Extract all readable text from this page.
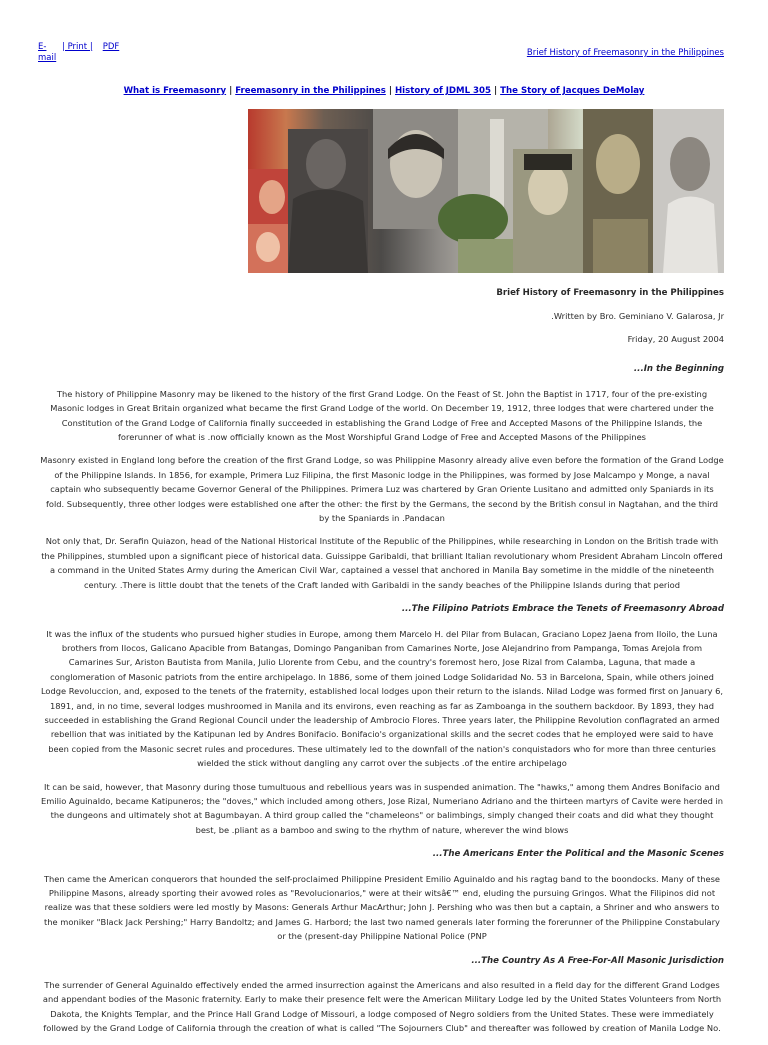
E-mail| Print | PDF
Brief History of Freemasonry in the Philippines
What is Freemasonry | Freemasonry in the Philippines | History of JDML 305 | The Story of Jacques DeMolay

Brief History of Freemasonry in the Philippines

.Written by Bro. Geminiano V. Galarosa, Jr

Friday, 20 August 2004

...In the Beginning

The history of Philippine Masonry may be likened to the history of the first Grand Lodge. On the Feast of St. John the Baptist in 1717, four of the pre-existing Masonic lodges in Great Britain organized what became the first Grand Lodge of the world. On December 19, 1912, three lodges that were chartered under the Constitution of the Grand Lodge of California finally succeeded in establishing the Grand Lodge of Free and Accepted Masons of the Philippine Islands, the forerunner of what is .now officially known as the Most Worshipful Grand Lodge of Free and Accepted Masons of the Philippines

Masonry existed in England long before the creation of the first Grand Lodge, so was Philippine Masonry already alive even before the formation of the Grand Lodge of the Philippine Islands. In 1856, for example, Primera Luz Filipina, the first Masonic lodge in the Philippines, was formed by Jose Malcampo y Monge, a naval captain who subsequently became Governor General of the Philippines. Primera Luz was chartered by Gran Oriente Lusitano and admitted only Spaniards in its fold. Subsequently, three other lodges were established one after the other: the first by the Germans, the second by the British consul in Nagtahan, and the third by the Spaniards in .Pandacan

Not only that, Dr. Serafin Quiazon, head of the National Historical Institute of the Republic of the Philippines, while researching in London on the British trade with the Philippines, stumbled upon a significant piece of historical data. Guissippe Garibaldi, that brilliant Italian revolutionary whom President Abraham Lincoln offered a command in the United States Army during the American Civil War, captained a vessel that anchored in Manila Bay sometime in the middle of the nineteenth century. .There is little doubt that the tenets of the Craft landed with Garibaldi in the sandy beaches of the Philippine Islands during that period

...The Filipino Patriots Embrace the Tenets of Freemasonry Abroad

It was the influx of the students who pursued higher studies in Europe, among them Marcelo H. del Pilar from Bulacan, Graciano Lopez Jaena from Iloilo, the Luna brothers from Ilocos, Galicano Apacible from Batangas, Domingo Panganiban from Camarines Norte, Jose Alejandrino from Pampanga, Tomas Arejola from Camarines Sur, Ariston Bautista from Manila, Julio Llorente from Cebu, and the country's foremost hero, Jose Rizal from Calamba, Laguna, that made a conglomeration of Masonic patriots from the entire archipelago. In 1886, some of them joined Lodge Solidaridad No. 53 in Barcelona, Spain, while others joined Lodge Revoluccion, and, exposed to the tenets of the fraternity, established local lodges upon their return to the islands. Nilad Lodge was formed first on January 6, 1891, and, in no time, several lodges mushroomed in Manila and its environs, even reaching as far as Zamboanga in the southern backdoor. By 1893, they had succeeded in establishing the Grand Regional Council under the leadership of Ambrocio Flores. Three years later, the Philippine Revolution conflagrated an armed rebellion that was initiated by the Katipunan led by Andres Bonifacio. Bonifacio's organizational skills and the secret codes that he employed were said to have been copied from the Masonic secret rules and procedures. These ultimately led to the downfall of the nation's conquistadors who for more than three centuries wielded the stick without dangling any carrot over the subjects .of the entire archipelago

It can be said, however, that Masonry during those tumultuous and rebellious years was in suspended animation. The "hawks," among them Andres Bonifacio and Emilio Aguinaldo, became Katipuneros; the "doves," which included among others, Jose Rizal, Numeriano Adriano and the thirteen martyrs of Cavite were herded in the dungeons and ultimately shot at Bagumbayan. A third group called the "chameleons" or balimbings, simply changed their coats and did what they thought best, be .pliant as a bamboo and swing to the rhythm of nature, wherever the wind blows

...The Americans Enter the Political and the Masonic Scenes

Then came the American conquerors that hounded the self-proclaimed Philippine President Emilio Aguinaldo and his ragtag band to the boondocks. Many of these Philippine Masons, already sporting their avowed roles as "Revolucionarios," were at their witsâ€™ end, eluding the pursuing Gringos. What the Filipinos did not realize was that these soldiers were led mostly by Masons: Generals Arthur MacArthur; John J. Pershing who was then but a captain, a Shriner and who answers to the moniker "Black Jack Pershing;" Harry Bandoltz; and James G. Harbord; the last two named generals later forming the forerunner of the Philippine Constabulary or the (present-day Philippine National Police (PNP

...The Country As A Free-For-All Masonic Jurisdiction

The surrender of General Aguinaldo effectively ended the armed insurrection against the Americans and also resulted in a field day for the different Grand Lodges and appendant bodies of the Masonic fraternity. Early to make their presence felt were the American Military Lodge led by the United States Volunteers from North Dakota, the Knights Templar, and the Prince Hall Grand Lodge of Missouri, a lodge composed of Negro soldiers from the United States. These were immediately followed by the Grand Lodge of California through the creation of what is called "The Sojourners Club" and thereafter was followed by creation of Manila Lodge No.
